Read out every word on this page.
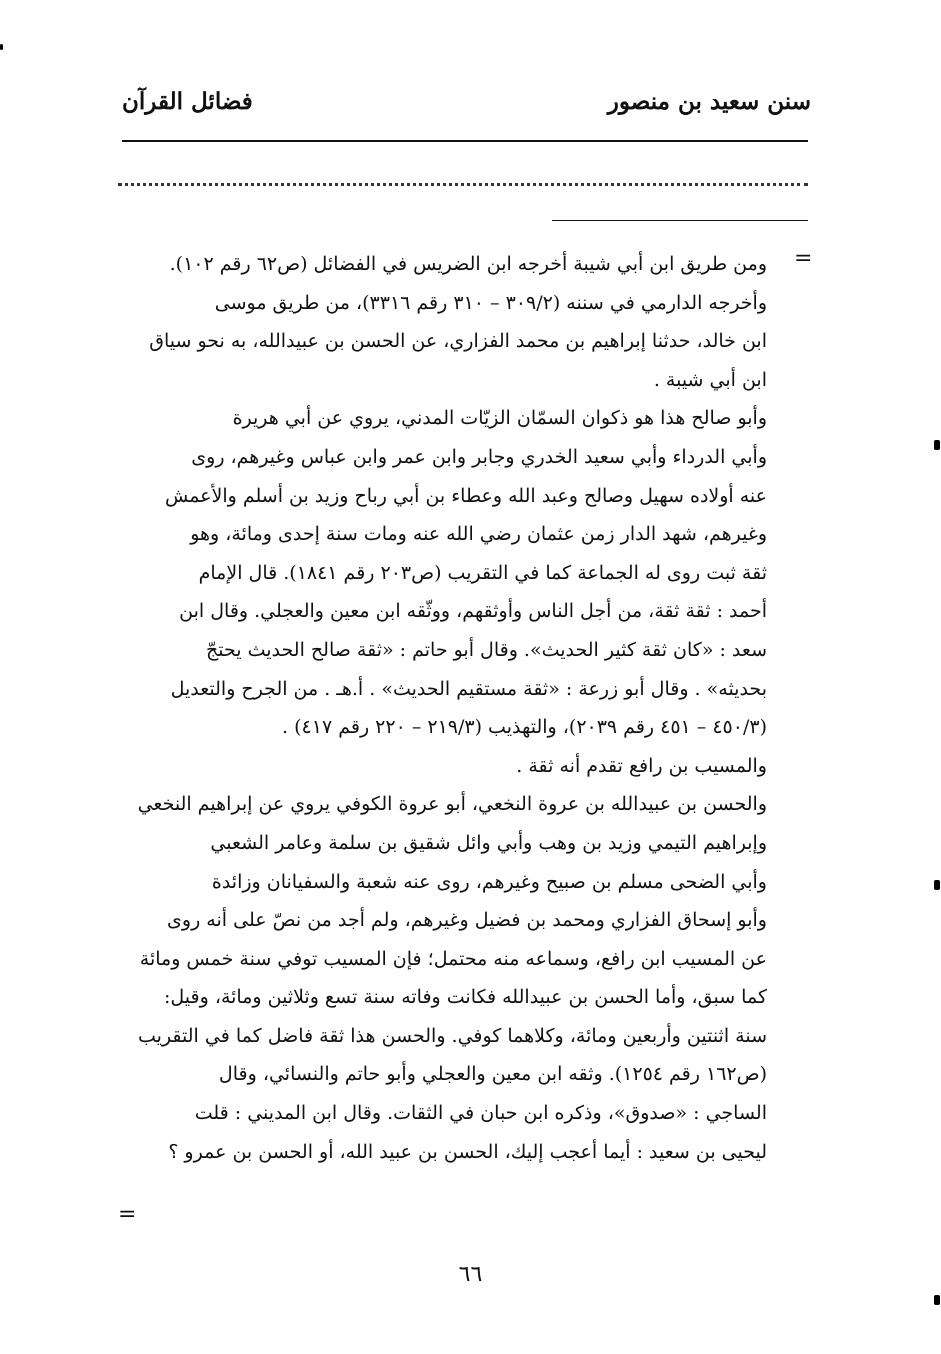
سنن سعيد بن منصور
فضائل القرآن
=

ومن طريق ابن أبي شيبة أخرجه ابن الضريس في الفضائل (ص٦٢ رقم ١٠٢).
وأخرجه الدارمي في سننه (٣٠٩/٢ – ٣١٠ رقم ٣٣١٦)، من طريق موسى
ابن خالد، حدثنا إبراهيم بن محمد الفزاري، عن الحسن بن عبيدالله، به نحو سياق
ابن أبي شيبة .

وأبو صالح هذا هو ذكوان السمّان الزيّات المدني، يروي عن أبي هريرة
وأبي الدرداء وأبي سعيد الخدري وجابر وابن عمر وابن عباس وغيرهم، روى
عنه أولاده سهيل وصالح وعبد الله وعطاء بن أبي رباح وزيد بن أسلم والأعمش
وغيرهم، شهد الدار زمن عثمان رضي الله عنه ومات سنة إحدى ومائة، وهو
ثقة ثبت روى له الجماعة كما في التقريب (ص٢٠٣ رقم ١٨٤١). قال الإمام
أحمد : ثقة ثقة، من أجل الناس وأوثقهم، ووثّقه ابن معين والعجلي. وقال ابن
سعد : «كان ثقة كثير الحديث». وقال أبو حاتم : «ثقة صالح الحديث يحتجّ
بحديثه» . وقال أبو زرعة : «ثقة مستقيم الحديث» . أ.هـ . من الجرح والتعديل
(٤٥٠/٣ – ٤٥١ رقم ٢٠٣٩)، والتهذيب (٢١٩/٣ – ٢٢٠ رقم ٤١٧) .
والمسيب بن رافع تقدم أنه ثقة .

والحسن بن عبيدالله بن عروة النخعي، أبو عروة الكوفي يروي عن إبراهيم النخعي
وإبراهيم التيمي وزيد بن وهب وأبي وائل شقيق بن سلمة وعامر الشعبي
وأبي الضحى مسلم بن صبيح وغيرهم، روى عنه شعبة والسفيانان وزائدة
وأبو إسحاق الفزاري ومحمد بن فضيل وغيرهم، ولم أجد من نصّ على أنه روى
عن المسيب ابن رافع، وسماعه منه محتمل؛ فإن المسيب توفي سنة خمس ومائة
كما سبق، وأما الحسن بن عبيدالله فكانت وفاته سنة تسع وثلاثين ومائة، وقيل:
سنة اثنتين وأربعين ومائة، وكلاهما كوفي. والحسن هذا ثقة فاضل كما في التقريب
(ص١٦٢ رقم ١٢٥٤). وثقه ابن معين والعجلي وأبو حاتم والنسائي، وقال
الساجي : «صدوق»، وذكره ابن حبان في الثقات. وقال ابن المديني : قلت
ليحيى بن سعيد : أيما أعجب إليك، الحسن بن عبيد الله، أو الحسن بن عمرو ؟

=
٦٦
